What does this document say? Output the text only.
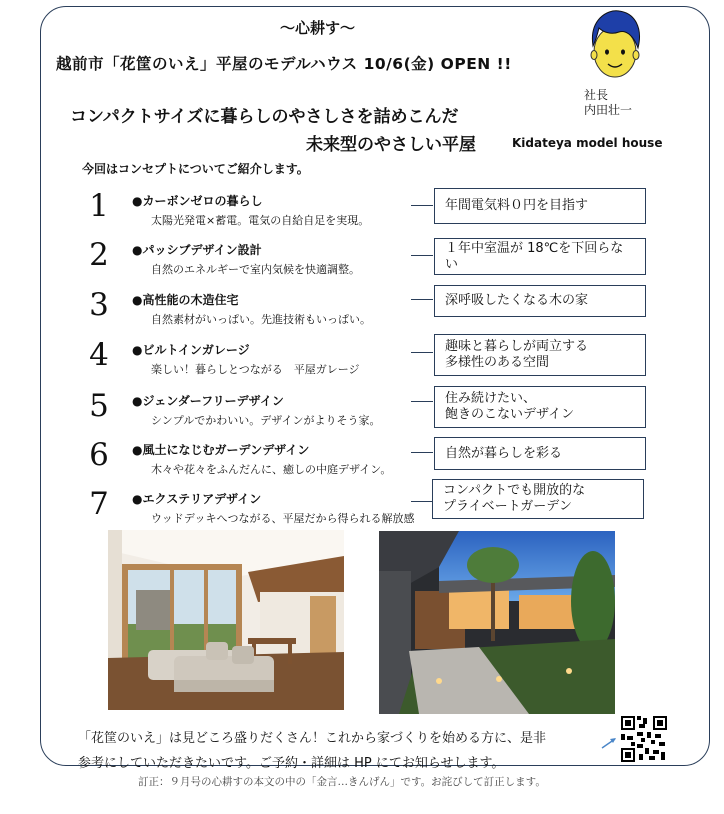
～心耕す～
越前市「花筐のいえ」平屋のモデルハウス 10/6(金) OPEN !!
コンパクトサイズに暮らしのやさしさを詰めこんだ
未来型のやさしい平屋	Kidateya model house
今回はコンセプトについてご紹介します。
社長
内田壮一
1 ●カーボンゼロの暮らし
太陽光発電×蓄電。電気の自給自足を実現。
年間電気料０円を目指す
2 ●パッシブデザイン設計
自然のエネルギーで室内気候を快適調整。
１年中室温が 18℃を下回らない
3 ●高性能の木造住宅
自然素材がいっぱい。先進技術もいっぱい。
深呼吸したくなる木の家
4 ●ビルトインガレージ
楽しい！暮らしとつながる　平屋ガレージ
趣味と暮らしが両立する
多様性のある空間
5 ●ジェンダーフリーデザイン
シンプルでかわいい。デザインがよりそう家。
住み続けたい、
飽きのこないデザイン
6 ●風土になじむガーデンデザイン
木々や花々をふんだんに、癒しの中庭デザイン。
自然が暮らしを彩る
7 ●エクステリアデザイン
ウッドデッキへつながる、平屋だから得られる解放感
コンパクトでも開放的な
プライベートガーデン
「花筐のいえ」は見どころ盛りだくさん！これから家づくりを始める方に、是非
参考にしていただきたいです。ご予約・詳細は HP にてお知らせします。
訂正：９月号の心耕すの本文の中の「金言…きんげん」です。お詫びして訂正します。
